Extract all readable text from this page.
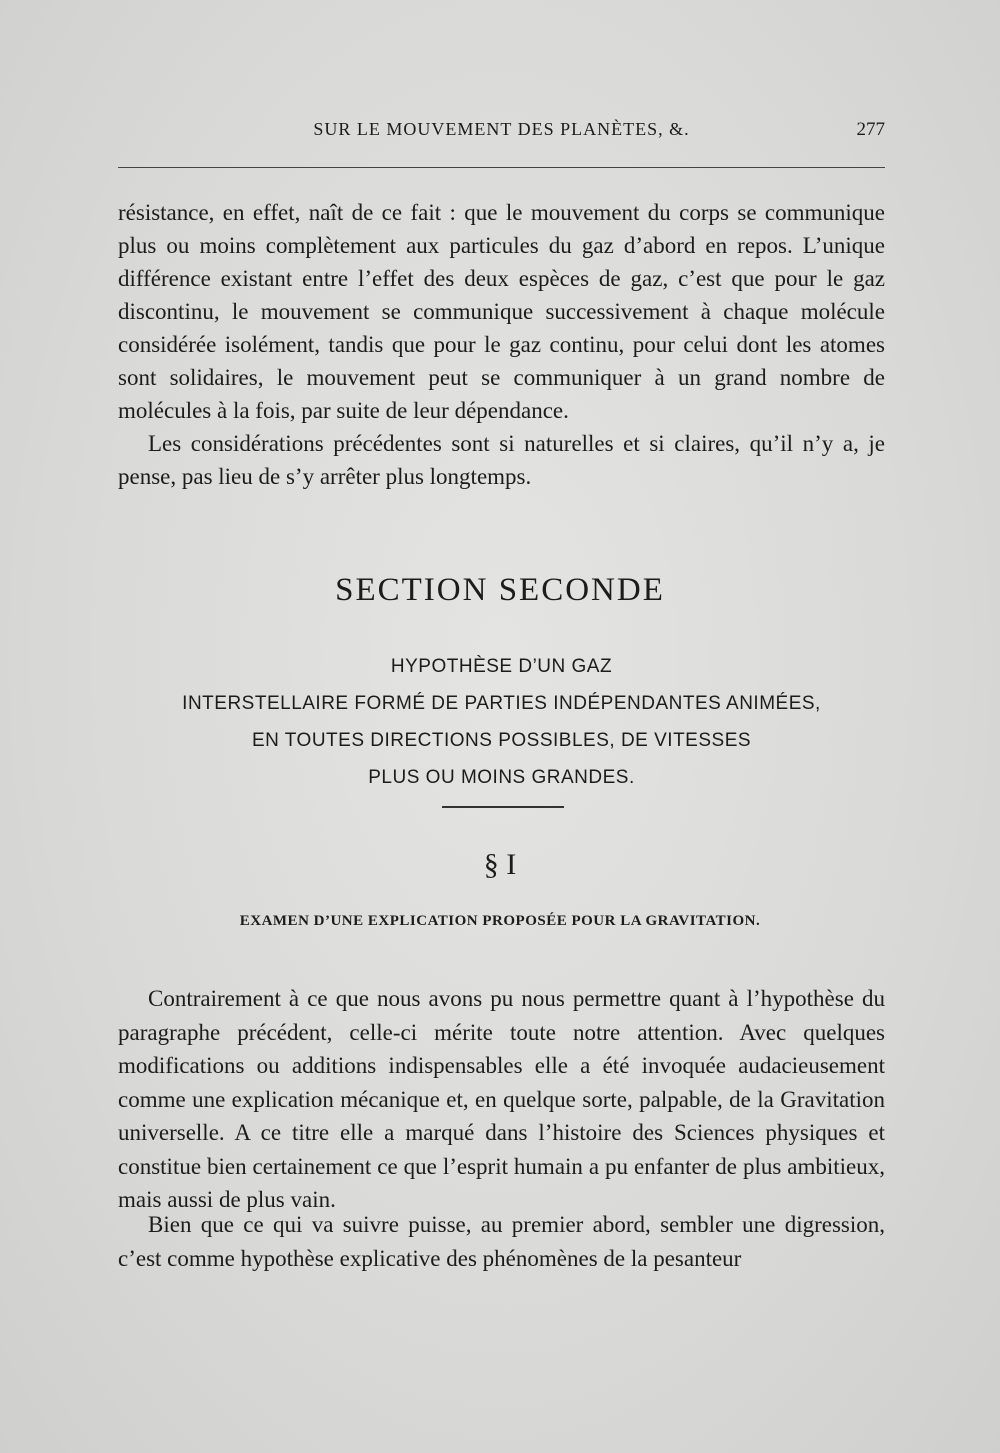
SUR LE MOUVEMENT DES PLANÈTES, &.	277

résistance, en effet, naît de ce fait : que le mouvement du corps se communique plus ou moins complètement aux particules du gaz d’abord en repos. L’unique différence existant entre l’effet des deux espèces de gaz, c’est que pour le gaz discontinu, le mouvement se communique successivement à chaque molécule considérée isolément, tandis que pour le gaz continu, pour celui dont les atomes sont solidaires, le mouvement peut se communiquer à un grand nombre de molécules à la fois, par suite de leur dépendance.

Les considérations précédentes sont si naturelles et si claires, qu’il n’y a, je pense, pas lieu de s’y arrêter plus longtemps.

SECTION SECONDE
HYPOTHÈSE D’UN GAZ
INTERSTELLAIRE FORMÉ DE PARTIES INDÉPENDANTES ANIMÉES,
EN TOUTES DIRECTIONS POSSIBLES, DE VITESSES
PLUS OU MOINS GRANDES.
§ I
EXAMEN D’UNE EXPLICATION PROPOSÉE POUR LA GRAVITATION.

Contrairement à ce que nous avons pu nous permettre quant à l’hypothèse du paragraphe précédent, celle-ci mérite toute notre attention. Avec quelques modifications ou additions indispensables elle a été invoquée audacieusement comme une explication mécanique et, en quelque sorte, palpable, de la Gravitation universelle. A ce titre elle a marqué dans l’histoire des Sciences physiques et constitue bien certainement ce que l’esprit humain a pu enfanter de plus ambitieux, mais aussi de plus vain.

Bien que ce qui va suivre puisse, au premier abord, sembler une digression, c’est comme hypothèse explicative des phénomènes de la pesanteur
